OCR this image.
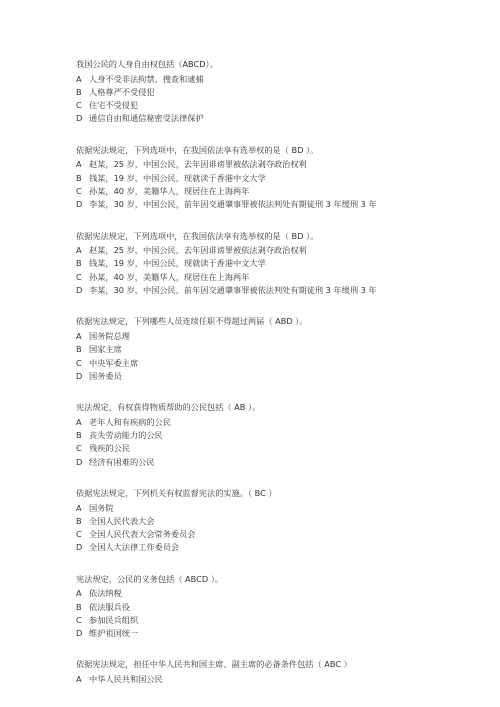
我国公民的人身自由权包括（ABCD）。
A 人身不受非法拘禁、搜查和逮捕
B 人格尊严不受侵犯
C 住宅不受侵犯
D 通信自由和通信秘密受法律保护
依据宪法规定，下列选项中，在我国依法享有选举权的是（ BD ）。
A 赵某，25 岁，中国公民，去年因诽谤罪被依法剥夺政治权利
B 钱某，19 岁，中国公民，现就读于香港中文大学
C 孙某，40 岁，美籍华人，现居住在上海两年
D 李某，30 岁，中国公民，前年因交通肇事罪被依法判处有期徒刑 3 年缓刑 3 年
依据宪法规定，下列选项中，在我国依法享有选举权的是（ BD ）。
A 赵某，25 岁，中国公民，去年因诽谤罪被依法剥夺政治权利
B 钱某，19 岁，中国公民，现就读于香港中文大学
C 孙某，40 岁，美籍华人，现居住在上海两年
D 李某，30 岁，中国公民，前年因交通肇事罪被依法判处有期徒刑 3 年缓刑 3 年
依据宪法规定，下列哪些人员连续任职不得超过两届（ ABD ）。
A 国务院总理
B 国家主席
C 中央军委主席
D 国务委员
宪法规定，有权获得物质帮助的公民包括（ AB ）。
A 老年人和有疾病的公民
B 丧失劳动能力的公民
C 残疾的公民
D 经济有困难的公民
依据宪法规定，下列机关有权监督宪法的实施。（ BC ）
A 国务院
B 全国人民代表大会
C 全国人民代表大会常务委员会
D 全国人大法律工作委员会
宪法规定，公民的义务包括（ ABCD ）。
A 依法纳税
B 依法服兵役
C 参加民兵组织
D 维护祖国统一
依据宪法规定，担任中华人民共和国主席、副主席的必备条件包括（ ABC ）
A 中华人民共和国公民
